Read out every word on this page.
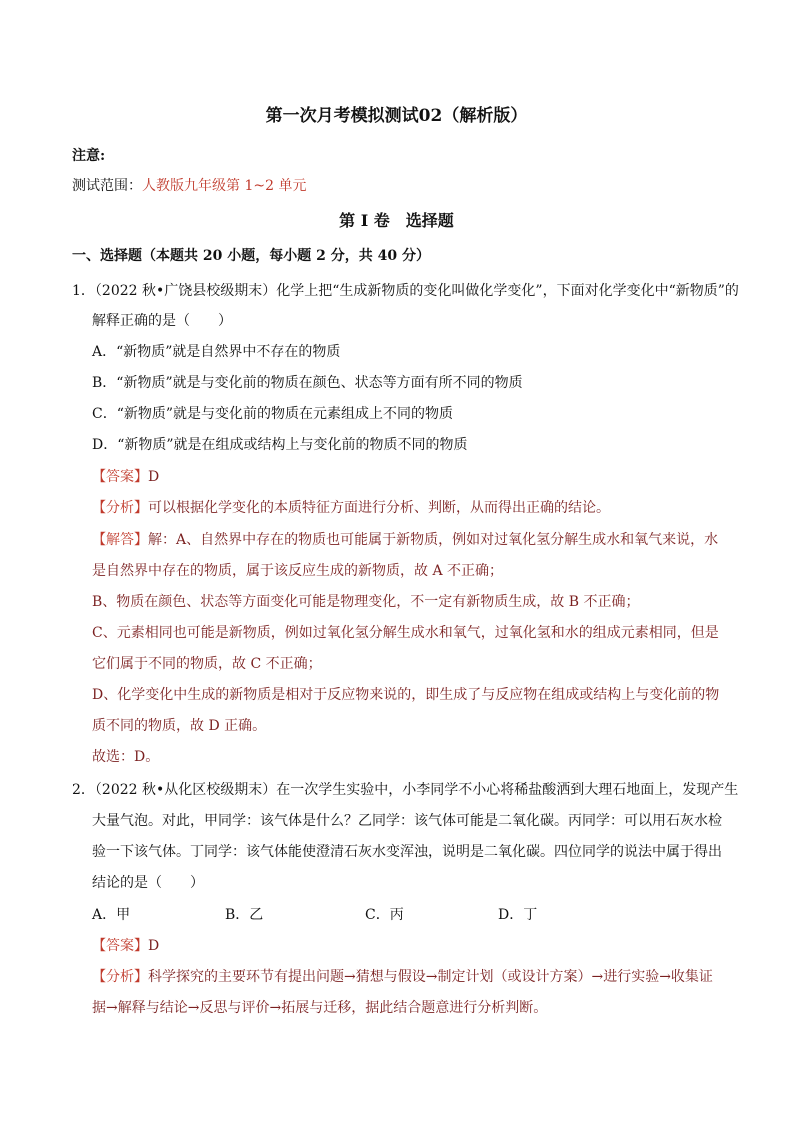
第一次月考模拟测试02（解析版）
注意:
测试范围：人教版九年级第 1~2 单元
第 I 卷　选择题
一、选择题（本题共 20 小题，每小题 2 分，共 40 分）
1．（2022 秋•广饶县校级期末）化学上把“生成新物质的变化叫做化学变化”，下面对化学变化中“新物质”的
解释正确的是（　　）
A．“新物质”就是自然界中不存在的物质
B．“新物质”就是与变化前的物质在颜色、状态等方面有所不同的物质
C．“新物质”就是与变化前的物质在元素组成上不同的物质
D．“新物质”就是在组成或结构上与变化前的物质不同的物质
【答案】D
【分析】可以根据化学变化的本质特征方面进行分析、判断，从而得出正确的结论。
【解答】解：A、自然界中存在的物质也可能属于新物质，例如对过氧化氢分解生成水和氧气来说，水
是自然界中存在的物质，属于该反应生成的新物质，故 A 不正确；
B、物质在颜色、状态等方面变化可能是物理变化，不一定有新物质生成，故 B 不正确；
C、元素相同也可能是新物质，例如过氧化氢分解生成水和氧气，过氧化氢和水的组成元素相同，但是
它们属于不同的物质，故 C 不正确；
D、化学变化中生成的新物质是相对于反应物来说的，即生成了与反应物在组成或结构上与变化前的物
质不同的物质，故 D 正确。
故选：D。
2．（2022 秋•从化区校级期末）在一次学生实验中，小李同学不小心将稀盐酸洒到大理石地面上，发现产生
大量气泡。对此，甲同学：该气体是什么？乙同学：该气体可能是二氧化碳。丙同学：可以用石灰水检
验一下该气体。丁同学：该气体能使澄清石灰水变浑浊，说明是二氧化碳。四位同学的说法中属于得出
结论的是（　　）
A．甲	B．乙	C．丙	D．丁
【答案】D
【分析】科学探究的主要环节有提出问题→猜想与假设→制定计划（或设计方案）→进行实验→收集证
据→解释与结论→反思与评价→拓展与迁移，据此结合题意进行分析判断。
